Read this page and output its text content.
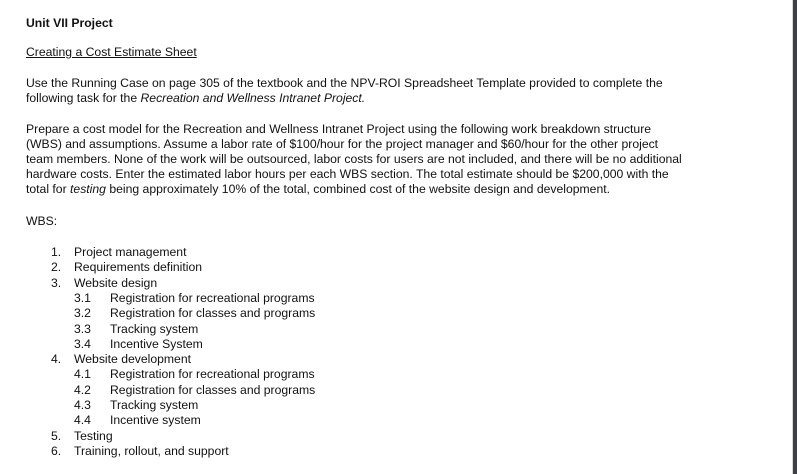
Unit VII Project
Creating a Cost Estimate Sheet
Use the Running Case on page 305 of the textbook and the NPV-ROI Spreadsheet Template provided to complete the
following task for the Recreation and Wellness Intranet Project.
Prepare a cost model for the Recreation and Wellness Intranet Project using the following work breakdown structure
(WBS) and assumptions. Assume a labor rate of $100/hour for the project manager and $60/hour for the other project
team members. None of the work will be outsourced, labor costs for users are not included, and there will be no additional
hardware costs. Enter the estimated labor hours per each WBS section. The total estimate should be $200,000 with the
total for testing being approximately 10% of the total, combined cost of the website design and development.
WBS:
1. Project management
2. Requirements definition
3. Website design
3.1 Registration for recreational programs
3.2 Registration for classes and programs
3.3 Tracking system
3.4 Incentive System
4. Website development
4.1 Registration for recreational programs
4.2 Registration for classes and programs
4.3 Tracking system
4.4 Incentive system
5. Testing
6. Training, rollout, and support
